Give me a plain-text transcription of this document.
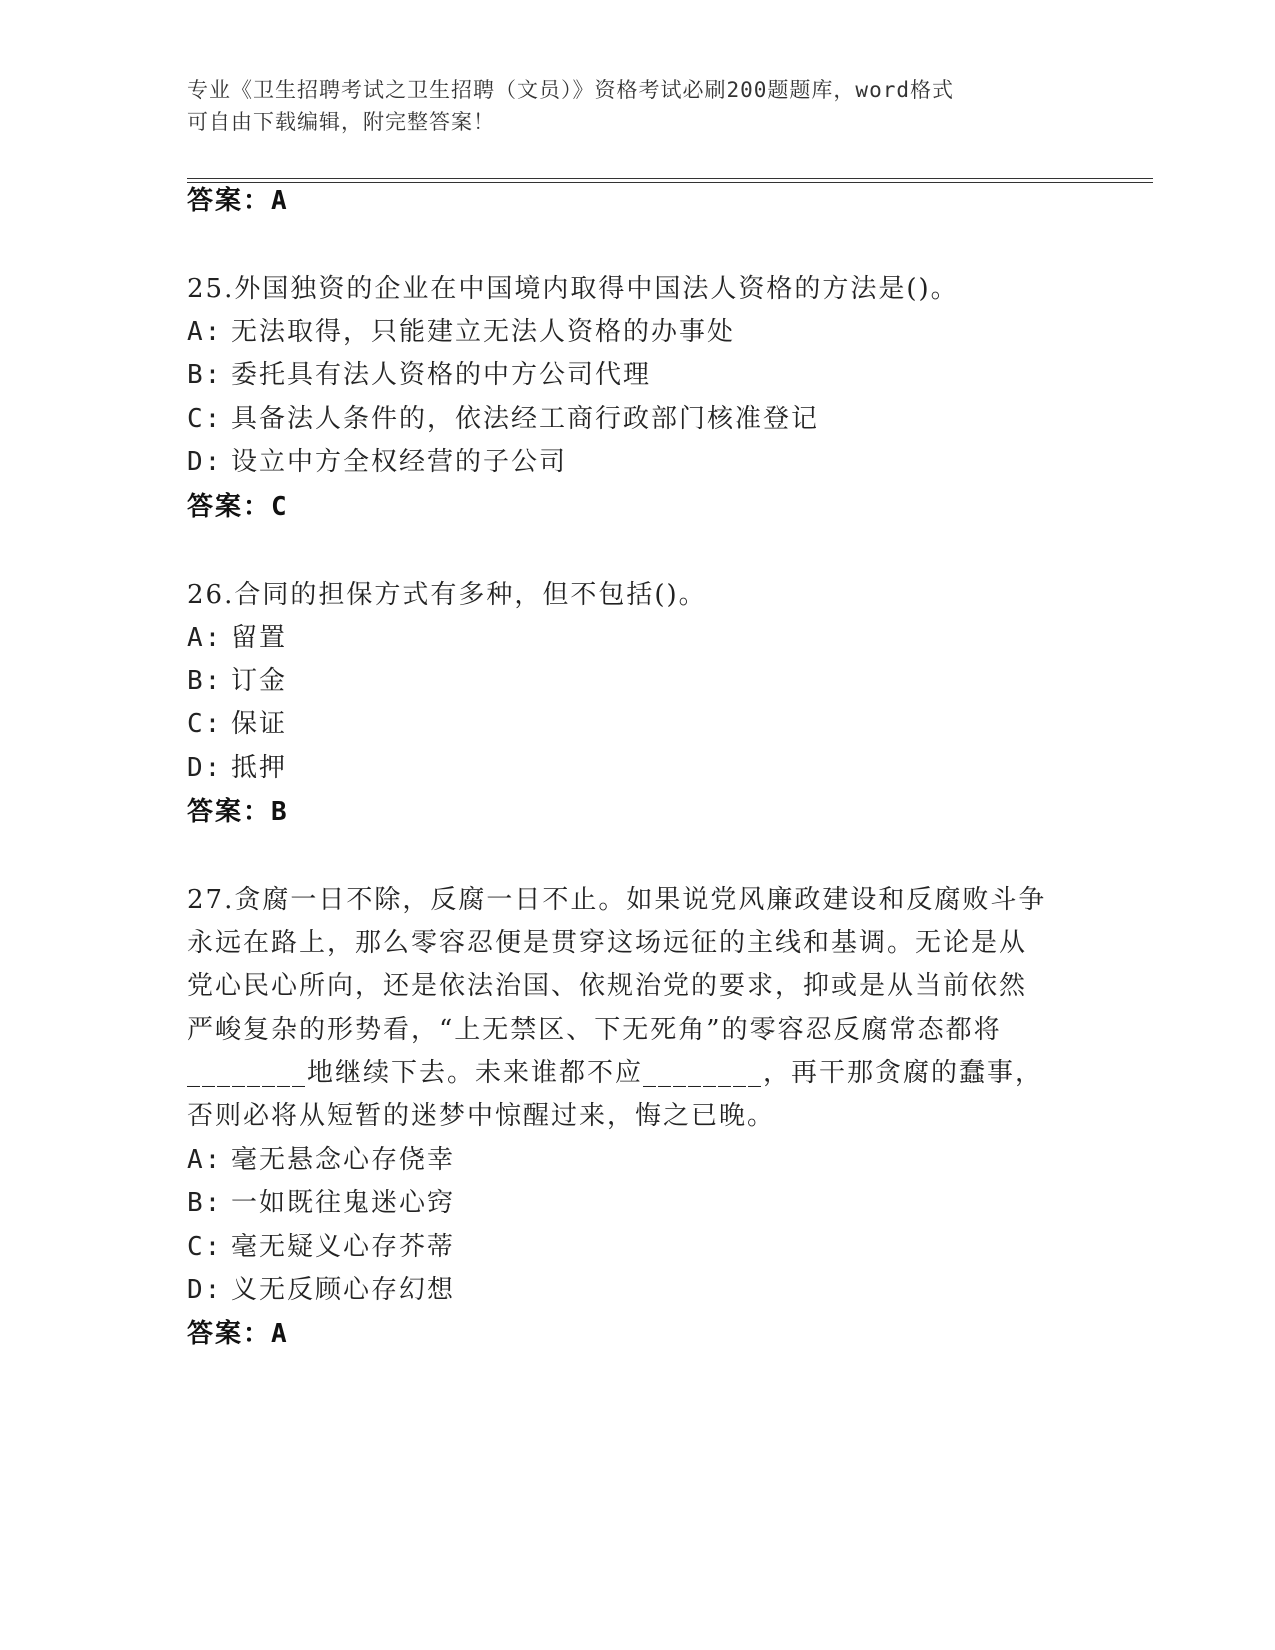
专业《卫生招聘考试之卫生招聘（文员）》资格考试必刷200题题库，word格式
可自由下载编辑，附完整答案！
答案：A
25.外国独资的企业在中国境内取得中国法人资格的方法是()。
A: 无法取得，只能建立无法人资格的办事处
B: 委托具有法人资格的中方公司代理
C: 具备法人条件的，依法经工商行政部门核准登记
D: 设立中方全权经营的子公司
答案：C
26.合同的担保方式有多种，但不包括()。
A: 留置
B: 订金
C: 保证
D: 抵押
答案：B
27.贪腐一日不除，反腐一日不止。如果说党风廉政建设和反腐败斗争
永远在路上，那么零容忍便是贯穿这场远征的主线和基调。无论是从
党心民心所向，还是依法治国、依规治党的要求，抑或是从当前依然
严峻复杂的形势看，“上无禁区、下无死角”的零容忍反腐常态都将
________地继续下去。未来谁都不应________，再干那贪腐的蠢事，
否则必将从短暂的迷梦中惊醒过来，悔之已晚。
A: 毫无悬念心存侥幸
B: 一如既往鬼迷心窍
C: 毫无疑义心存芥蒂
D: 义无反顾心存幻想
答案：A
